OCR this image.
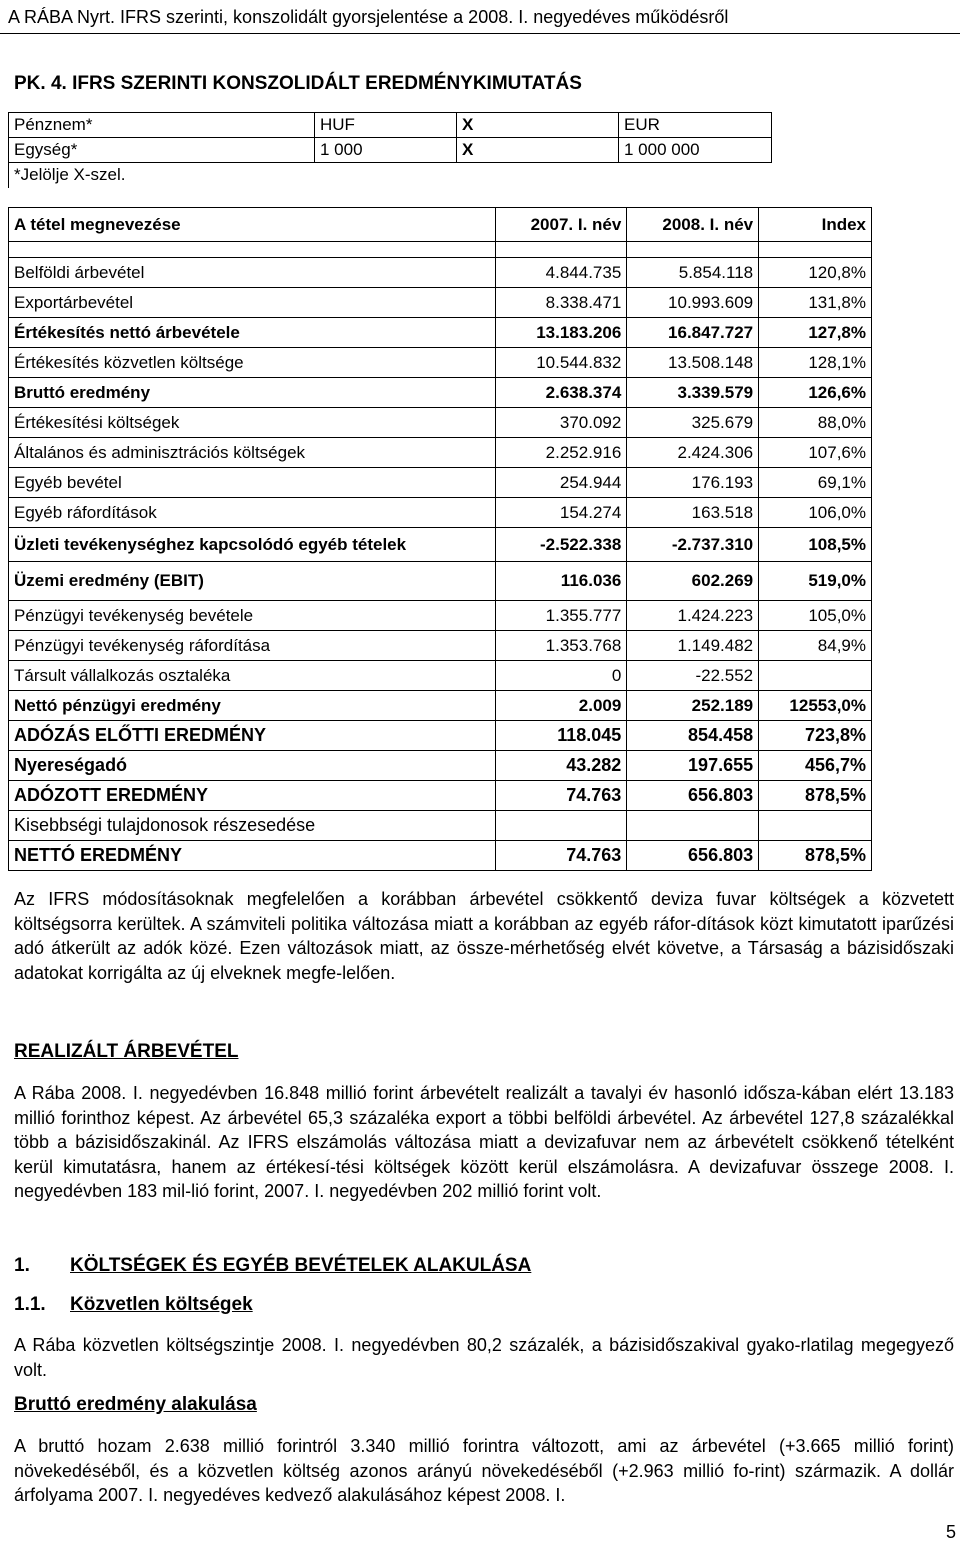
A RÁBA Nyrt. IFRS szerinti, konszolidált gyorsjelentése a 2008. I. negyedéves működésről
PK. 4. IFRS SZERINTI KONSZOLIDÁLT EREDMÉNYKIMUTATÁS
Pénznem*	HUF	X	EUR
Egység*	1 000	X	1 000 000
*Jelölje X-szel.			
A tétel megnevezése	2007. I. név	2008. I. név	Index

Belföldi árbevétel	4.844.735	5.854.118	120,8%
Exportárbevétel	8.338.471	10.993.609	131,8%
Értékesítés nettó árbevétele	13.183.206	16.847.727	127,8%
Értékesítés közvetlen költsége	10.544.832	13.508.148	128,1%
Bruttó eredmény	2.638.374	3.339.579	126,6%
Értékesítési költségek	370.092	325.679	88,0%
Általános és adminisztrációs költségek	2.252.916	2.424.306	107,6%
Egyéb bevétel	254.944	176.193	69,1%
Egyéb ráfordítások	154.274	163.518	106,0%
Üzleti tevékenységhez kapcsolódó egyéb tételek	-2.522.338	-2.737.310	108,5%
Üzemi eredmény (EBIT)	116.036	602.269	519,0%
Pénzügyi tevékenység bevétele	1.355.777	1.424.223	105,0%
Pénzügyi tevékenység ráfordítása	1.353.768	1.149.482	84,9%
Társult vállalkozás osztaléka	0	-22.552	
Nettó pénzügyi eredmény	2.009	252.189	12553,0%
ADÓZÁS ELŐTTI EREDMÉNY	118.045	854.458	723,8%
Nyereségadó	43.282	197.655	456,7%
ADÓZOTT EREDMÉNY	74.763	656.803	878,5%
Kisebbségi tulajdonosok részesedése			
NETTÓ EREDMÉNY	74.763	656.803	878,5%
Az IFRS módosításoknak megfelelően a korábban árbevétel csökkentő deviza fuvar költségek a közvetett költségsorra kerültek. A számviteli politika változása miatt a korábban az egyéb ráfor-dítások közt kimutatott iparűzési adó átkerült az adók közé. Ezen változások miatt, az össze-mérhetőség elvét követve, a Társaság a bázisidőszaki adatokat korrigálta az új elveknek megfe-lelően.
REALIZÁLT ÁRBEVÉTEL
A Rába 2008. I. negyedévben 16.848 millió forint árbevételt realizált a tavalyi év hasonló idősza-kában elért 13.183 millió forinthoz képest. Az árbevétel 65,3 százaléka export a többi belföldi árbevétel. Az árbevétel 127,8 százalékkal több a bázisidőszakinál. Az IFRS elszámolás változása miatt a devizafuvar nem az árbevételt csökkenő tételként kerül kimutatásra, hanem az értékesí-tési költségek között kerül elszámolásra. A devizafuvar összege 2008. I. negyedévben 183 mil-lió forint, 2007. I. negyedévben 202 millió forint volt.
1. KÖLTSÉGEK ÉS EGYÉB BEVÉTELEK ALAKULÁSA
1.1. Közvetlen költségek
A Rába közvetlen költségszintje 2008. I. negyedévben 80,2 százalék, a bázisidőszakival gyako-rlatilag megegyező volt.
Bruttó eredmény alakulása
A bruttó hozam 2.638 millió forintról 3.340 millió forintra változott, ami az árbevétel (+3.665 millió forint) növekedéséből, és a közvetlen költség azonos arányú növekedéséből (+2.963 millió fo-rint) származik. A dollár árfolyama 2007. I. negyedéves kedvező alakulásához képest 2008. I.
5
